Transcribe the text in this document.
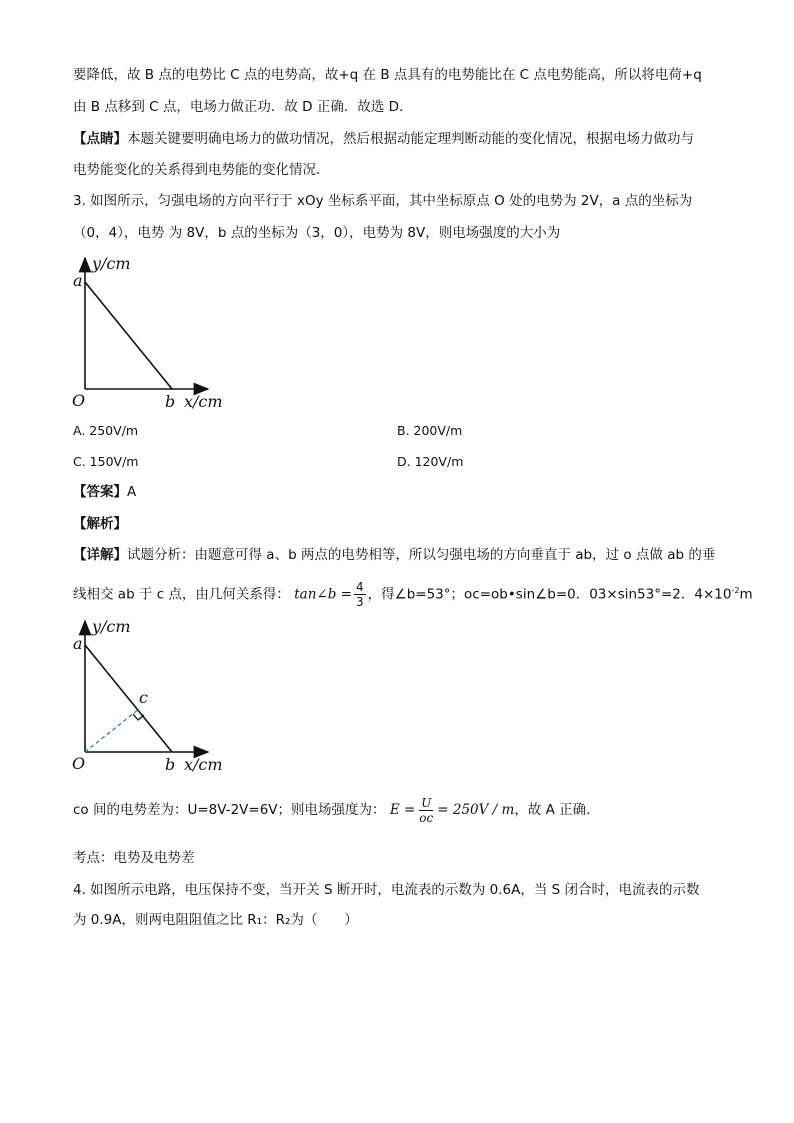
要降低，故 B 点的电势比 C 点的电势高，故+q 在 B 点具有的电势能比在 C 点电势能高，所以将电荷+q
由 B 点移到 C 点，电场力做正功．故 D 正确．故选 D.
【点睛】本题关键要明确电场力的做功情况，然后根据动能定理判断动能的变化情况，根据电场力做功与
电势能变化的关系得到电势能的变化情况．
3. 如图所示，匀强电场的方向平行于 xOy 坐标系平面，其中坐标原点 O 处的电势为 2V，a 点的坐标为
（0，4），电势 为 8V，b 点的坐标为（3，0），电势为 8V，则电场强度的大小为
y/cm
a
O	b x/cm
A. 250V/m	B. 200V/m
C. 150V/m	D. 120V/m
【答案】A
【解析】
【详解】试题分析：由题意可得 a、b 两点的电势相等，所以匀强电场的方向垂直于 ab，过 o 点做 ab 的垂
线相交 ab 于 c 点，由几何关系得： tan∠b = $\frac{4}{3}$ ，得∠b=53°；oc=ob•sin∠b=0．03×sin53°=2．$4\times 10^{-2}m$
y/cm
a
c
O	b x/cm
co 间的电势差为：U=8V-2V=6V；则电场强度为： $E = \frac{U}{oc} = 250V / m$，故 A 正确．
考点：电势及电势差
4. 如图所示电路，电压保持不变，当开关 S 断开时，电流表的示数为 0.6A，当 S 闭合时，电流表的示数
为 0.9A，则两电阻阻值之比 R₁：R₂为（　　）
